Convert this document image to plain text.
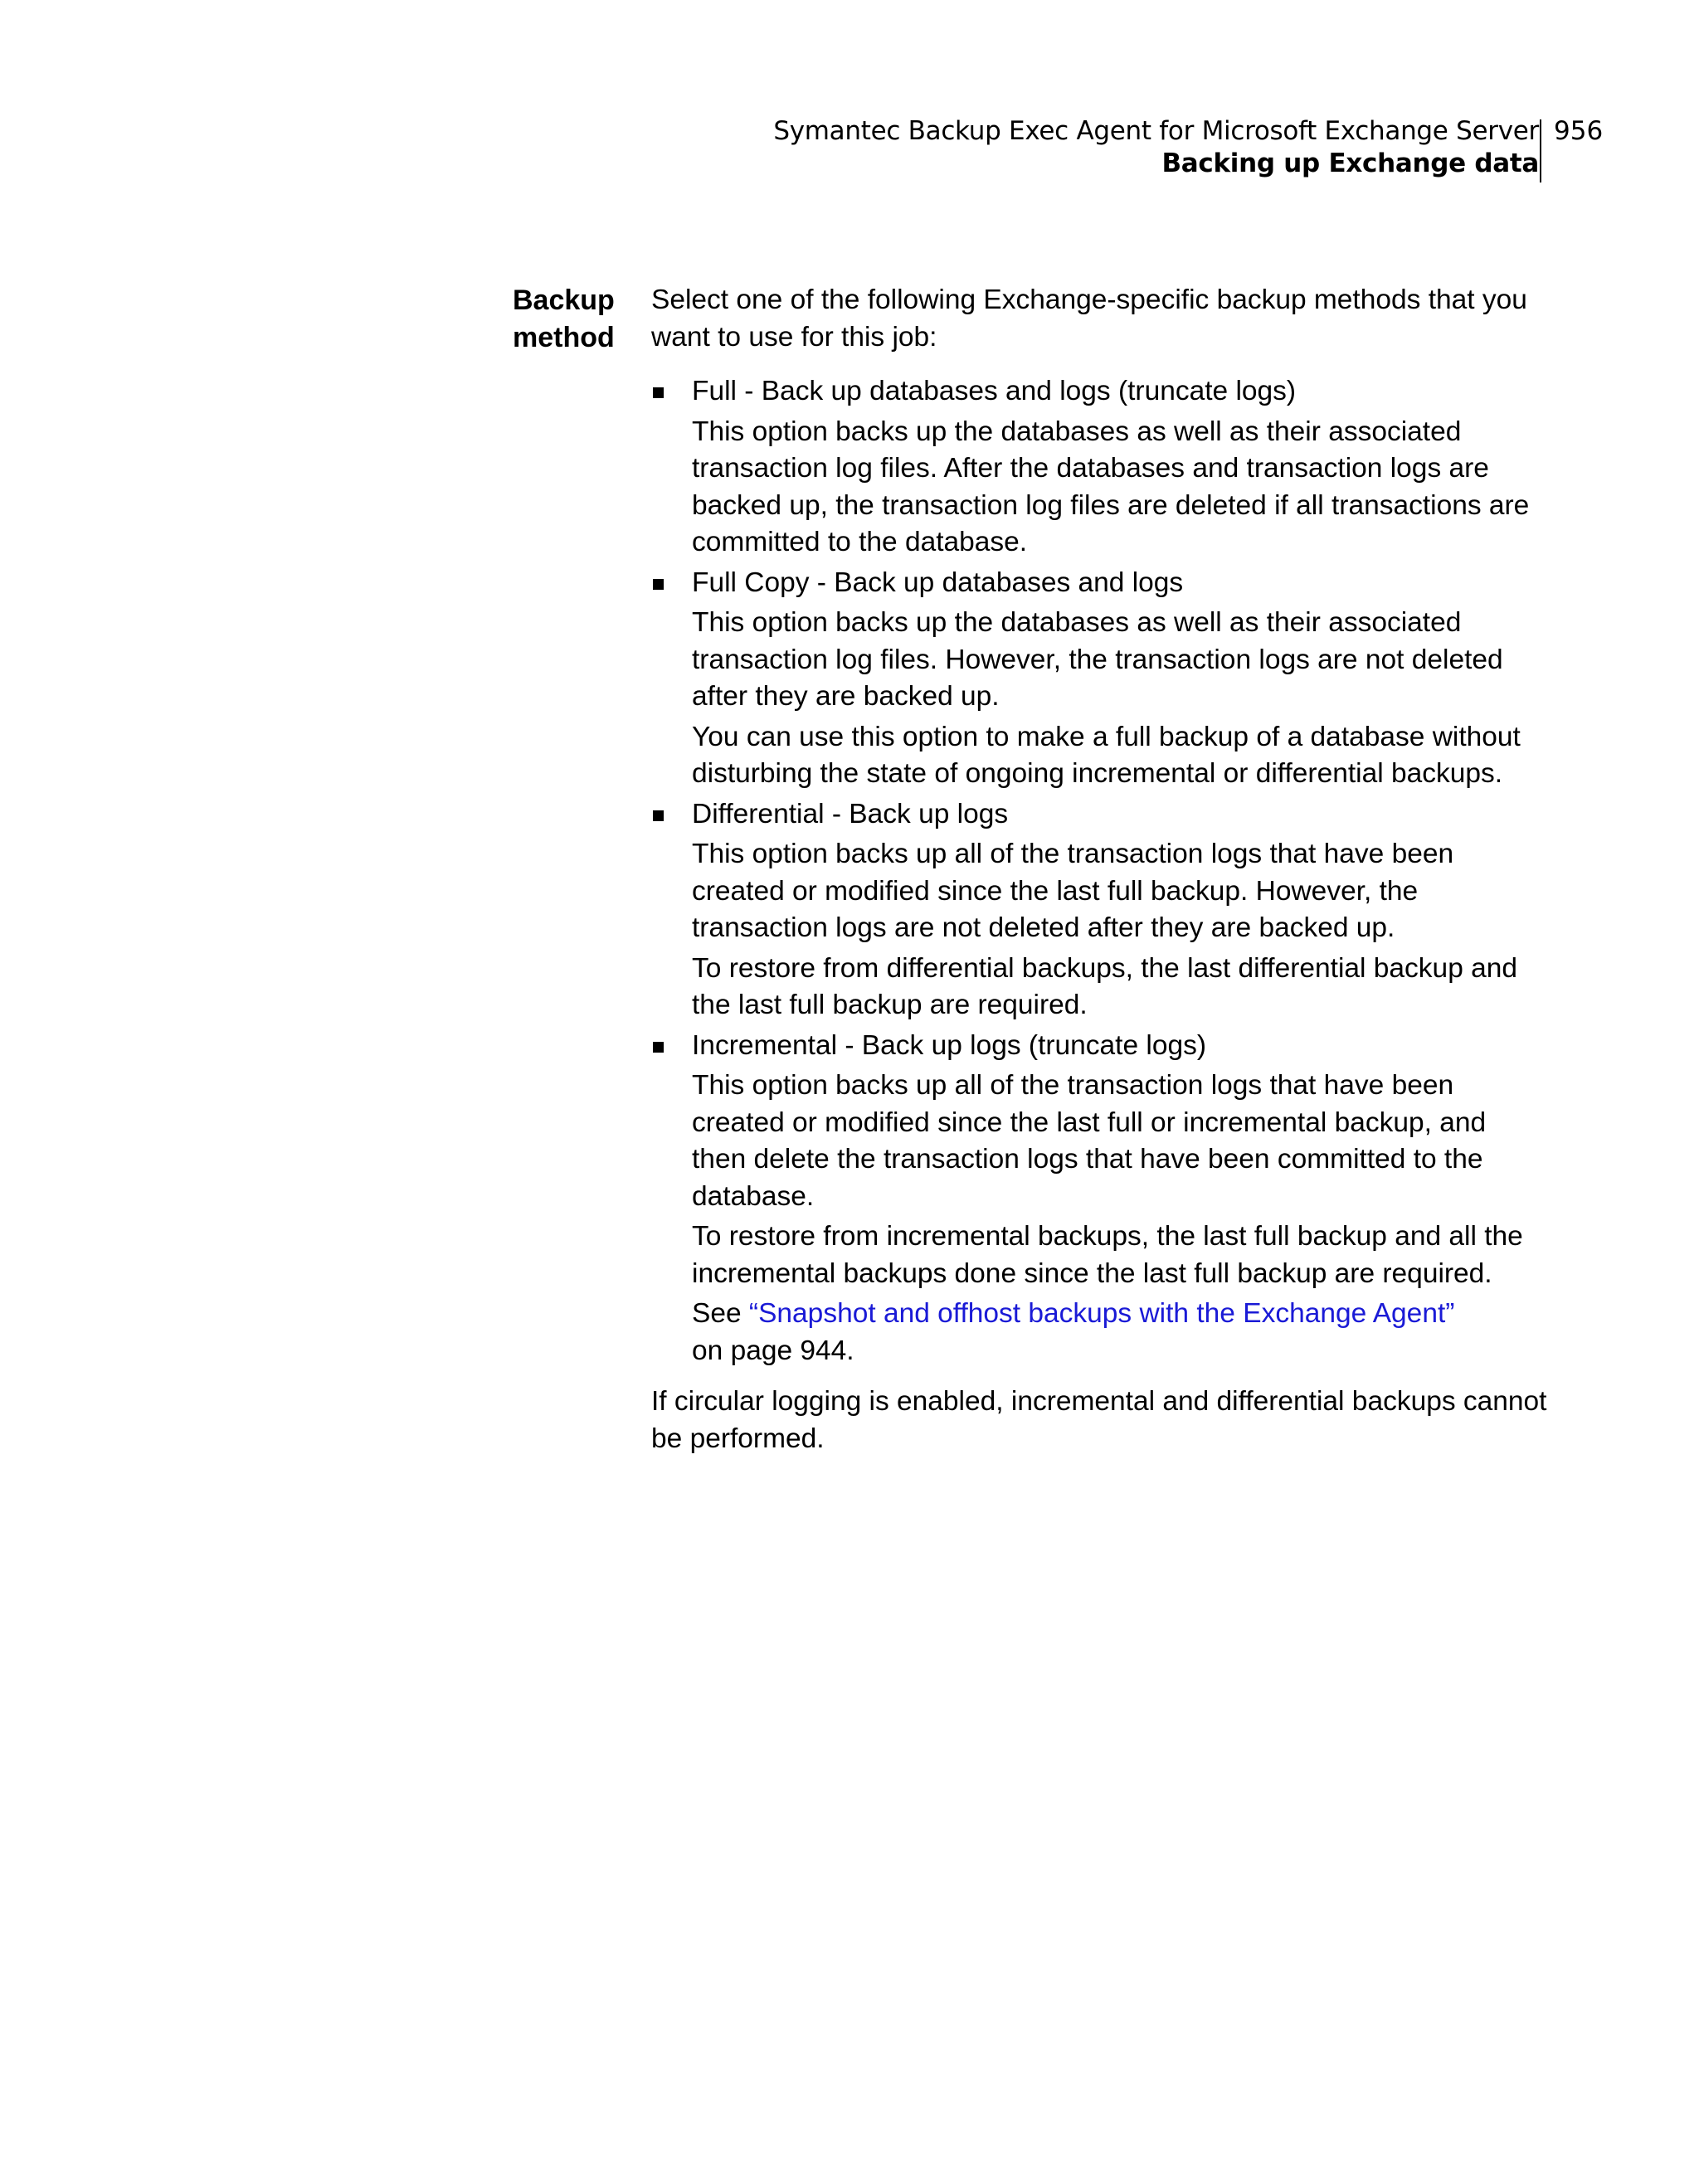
Symantec Backup Exec Agent for Microsoft Exchange Server
Backing up Exchange data
956
Backup
method

Select one of the following Exchange-specific backup methods that you want to use for this job:

Full - Back up databases and logs (truncate logs)
This option backs up the databases as well as their associated transaction log files. After the databases and transaction logs are backed up, the transaction log files are deleted if all transactions are committed to the database.
Full Copy - Back up databases and logs
This option backs up the databases as well as their associated transaction log files. However, the transaction logs are not deleted after they are backed up.
You can use this option to make a full backup of a database without disturbing the state of ongoing incremental or differential backups.
Differential - Back up logs
This option backs up all of the transaction logs that have been created or modified since the last full backup. However, the transaction logs are not deleted after they are backed up.
To restore from differential backups, the last differential backup and the last full backup are required.
Incremental - Back up logs (truncate logs)
This option backs up all of the transaction logs that have been created or modified since the last full or incremental backup, and then delete the transaction logs that have been committed to the database.
To restore from incremental backups, the last full backup and all the incremental backups done since the last full backup are required.
See “Snapshot and offhost backups with the Exchange Agent”
on page 944.

If circular logging is enabled, incremental and differential backups cannot be performed.
